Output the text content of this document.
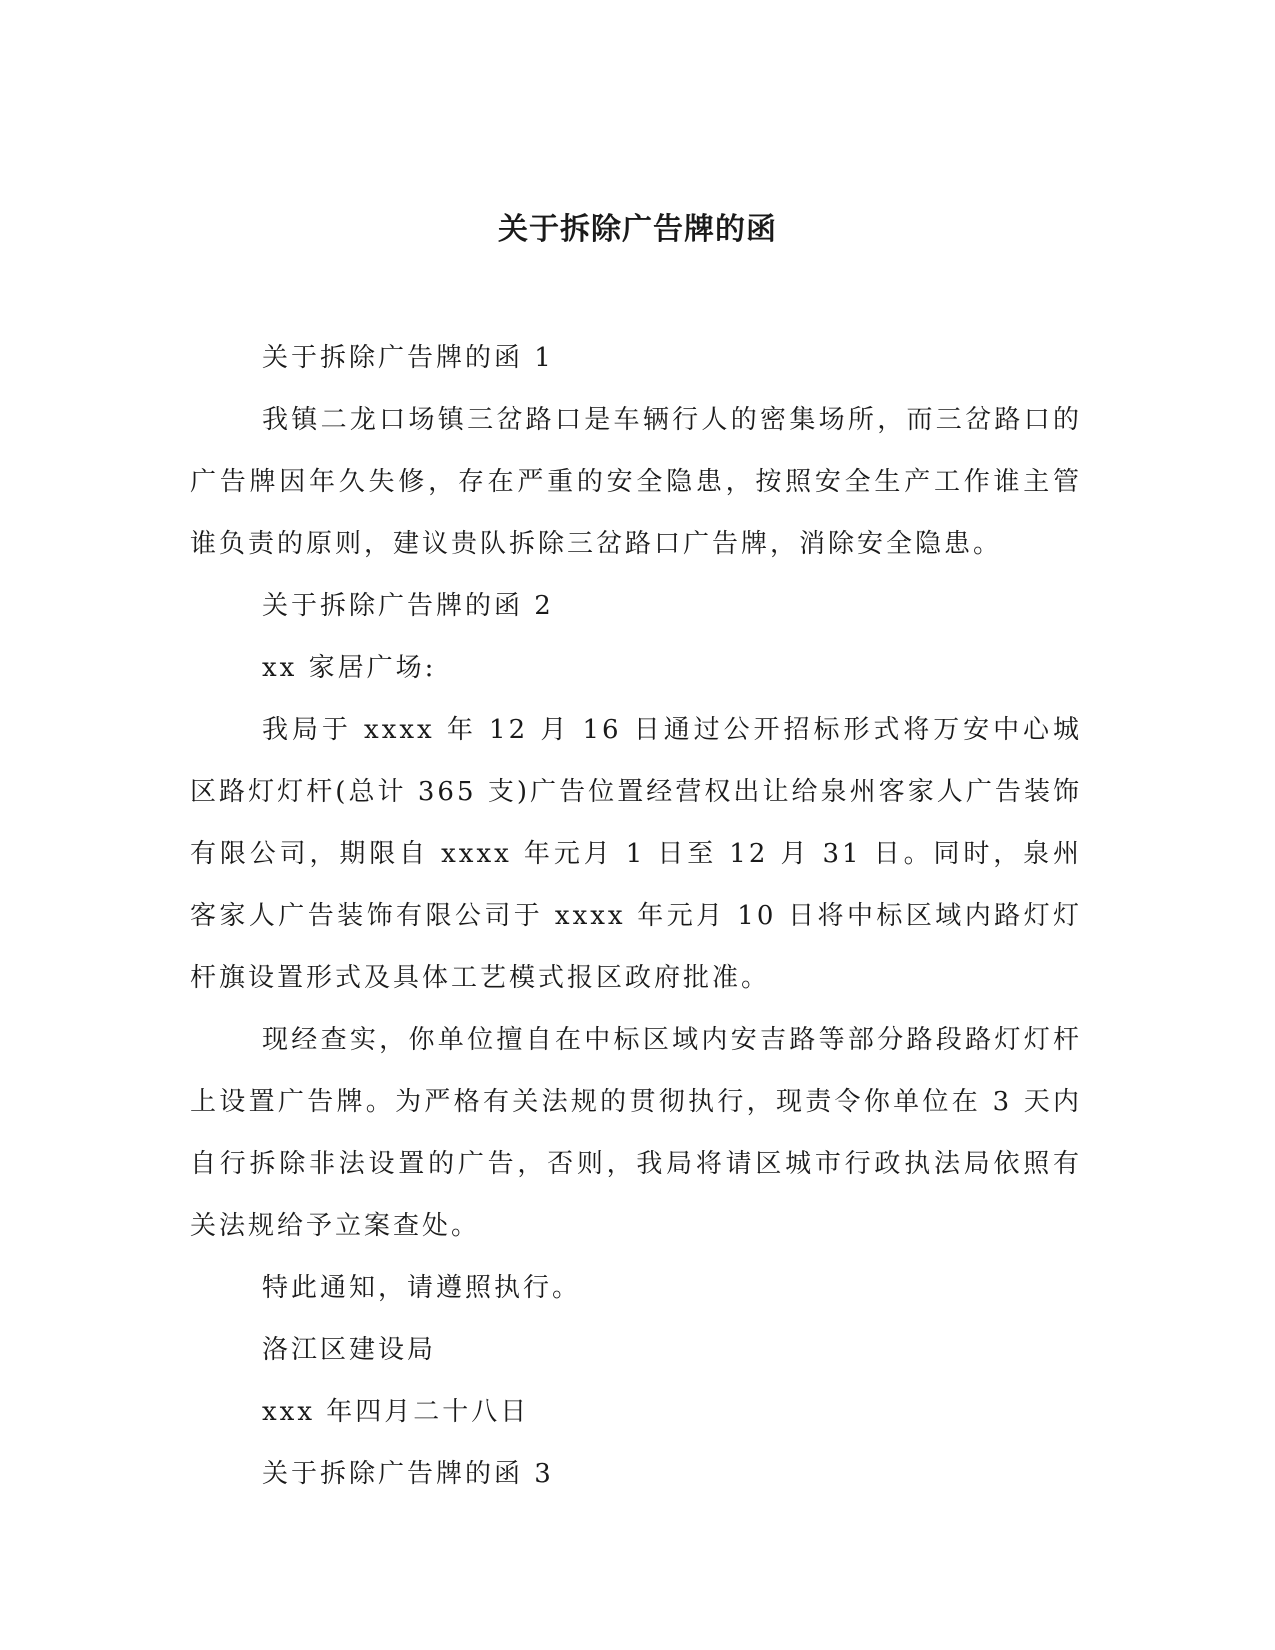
关于拆除广告牌的函

关于拆除广告牌的函 1

我镇二龙口场镇三岔路口是车辆行人的密集场所，而三岔路口的广告牌因年久失修，存在严重的安全隐患，按照安全生产工作谁主管谁负责的原则，建议贵队拆除三岔路口广告牌，消除安全隐患。

关于拆除广告牌的函 2

xx 家居广场:

我局于 xxxx 年 12 月 16 日通过公开招标形式将万安中心城区路灯灯杆(总计 365 支)广告位置经营权出让给泉州客家人广告装饰有限公司，期限自 xxxx 年元月 1 日至 12 月 31 日。同时，泉州客家人广告装饰有限公司于 xxxx 年元月 10 日将中标区域内路灯灯杆旗设置形式及具体工艺模式报区政府批准。

现经查实，你单位擅自在中标区域内安吉路等部分路段路灯灯杆上设置广告牌。为严格有关法规的贯彻执行，现责令你单位在 3 天内自行拆除非法设置的广告，否则，我局将请区城市行政执法局依照有关法规给予立案查处。

特此通知，请遵照执行。

洛江区建设局

xxx 年四月二十八日

关于拆除广告牌的函 3
